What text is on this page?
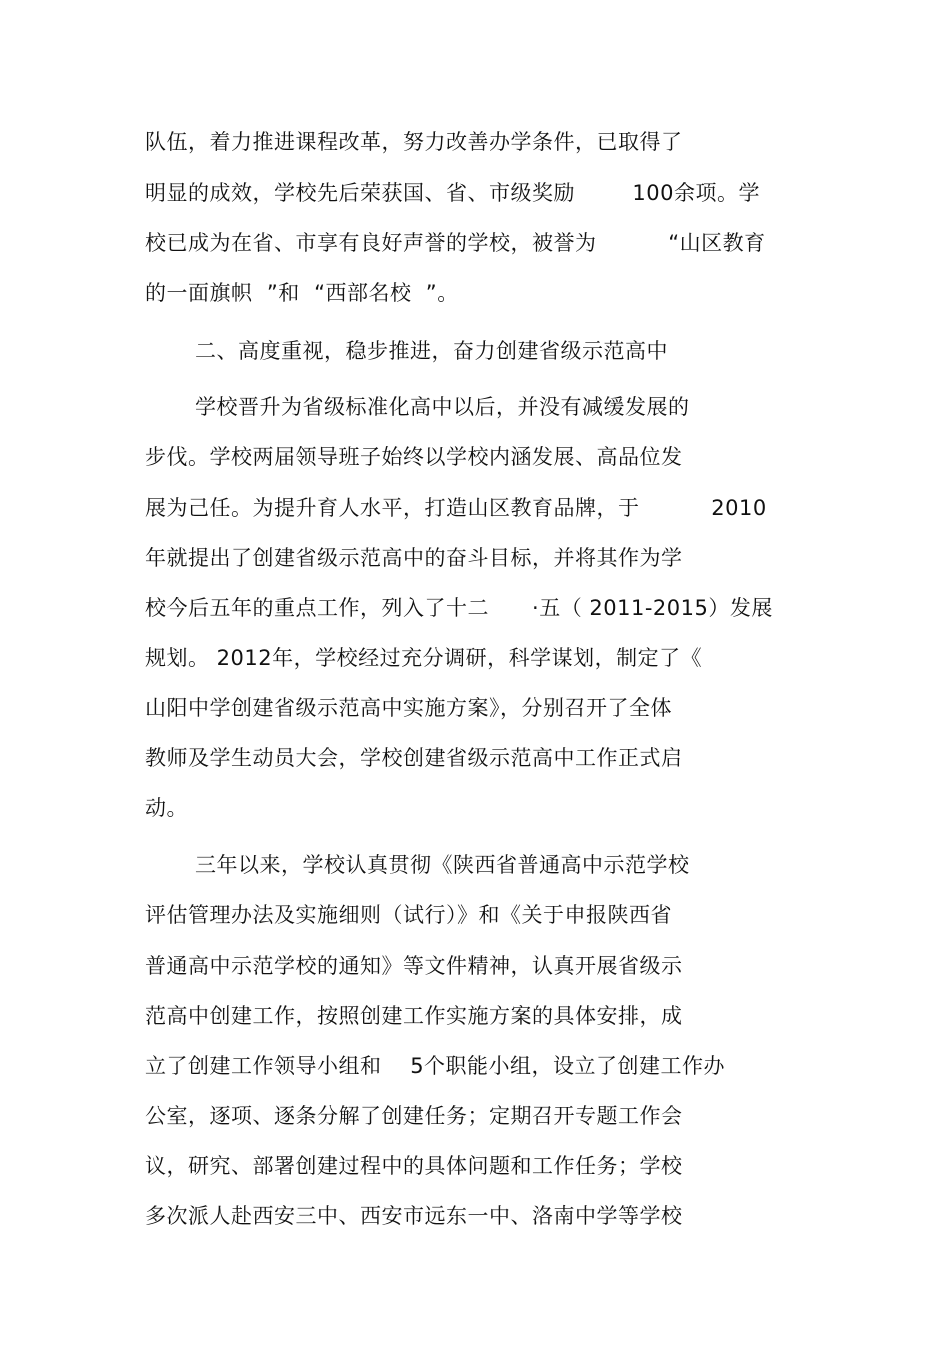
队伍，着力推进课程改革，努力改善办学条件，已取得了
明显的成效，学校先后荣获国、省、市级奖励        100余项。学
校已成为在省、市享有良好声誉的学校，被誉为          “山区教育
的一面旗帜  ”和  “西部名校  ”。
二、高度重视，稳步推进，奋力创建省级示范高中
学校晋升为省级标准化高中以后，并没有减缓发展的
步伐。学校两届领导班子始终以学校内涵发展、高品位发
展为己任。为提升育人水平，打造山区教育品牌，于          2010
年就提出了创建省级示范高中的奋斗目标，并将其作为学
校今后五年的重点工作，列入了十二      ·五（ 2011-2015）发展
规划。 2012年，学校经过充分调研，科学谋划，制定了《
山阳中学创建省级示范高中实施方案》，分别召开了全体
教师及学生动员大会，学校创建省级示范高中工作正式启
动。
三年以来，学校认真贯彻《陕西省普通高中示范学校
评估管理办法及实施细则（试行）》和《关于申报陕西省
普通高中示范学校的通知》等文件精神，认真开展省级示
范高中创建工作，按照创建工作实施方案的具体安排，成
立了创建工作领导小组和    5个职能小组，设立了创建工作办
公室，逐项、逐条分解了创建任务；定期召开专题工作会
议，研究、部署创建过程中的具体问题和工作任务；学校
多次派人赴西安三中、西安市远东一中、洛南中学等学校
